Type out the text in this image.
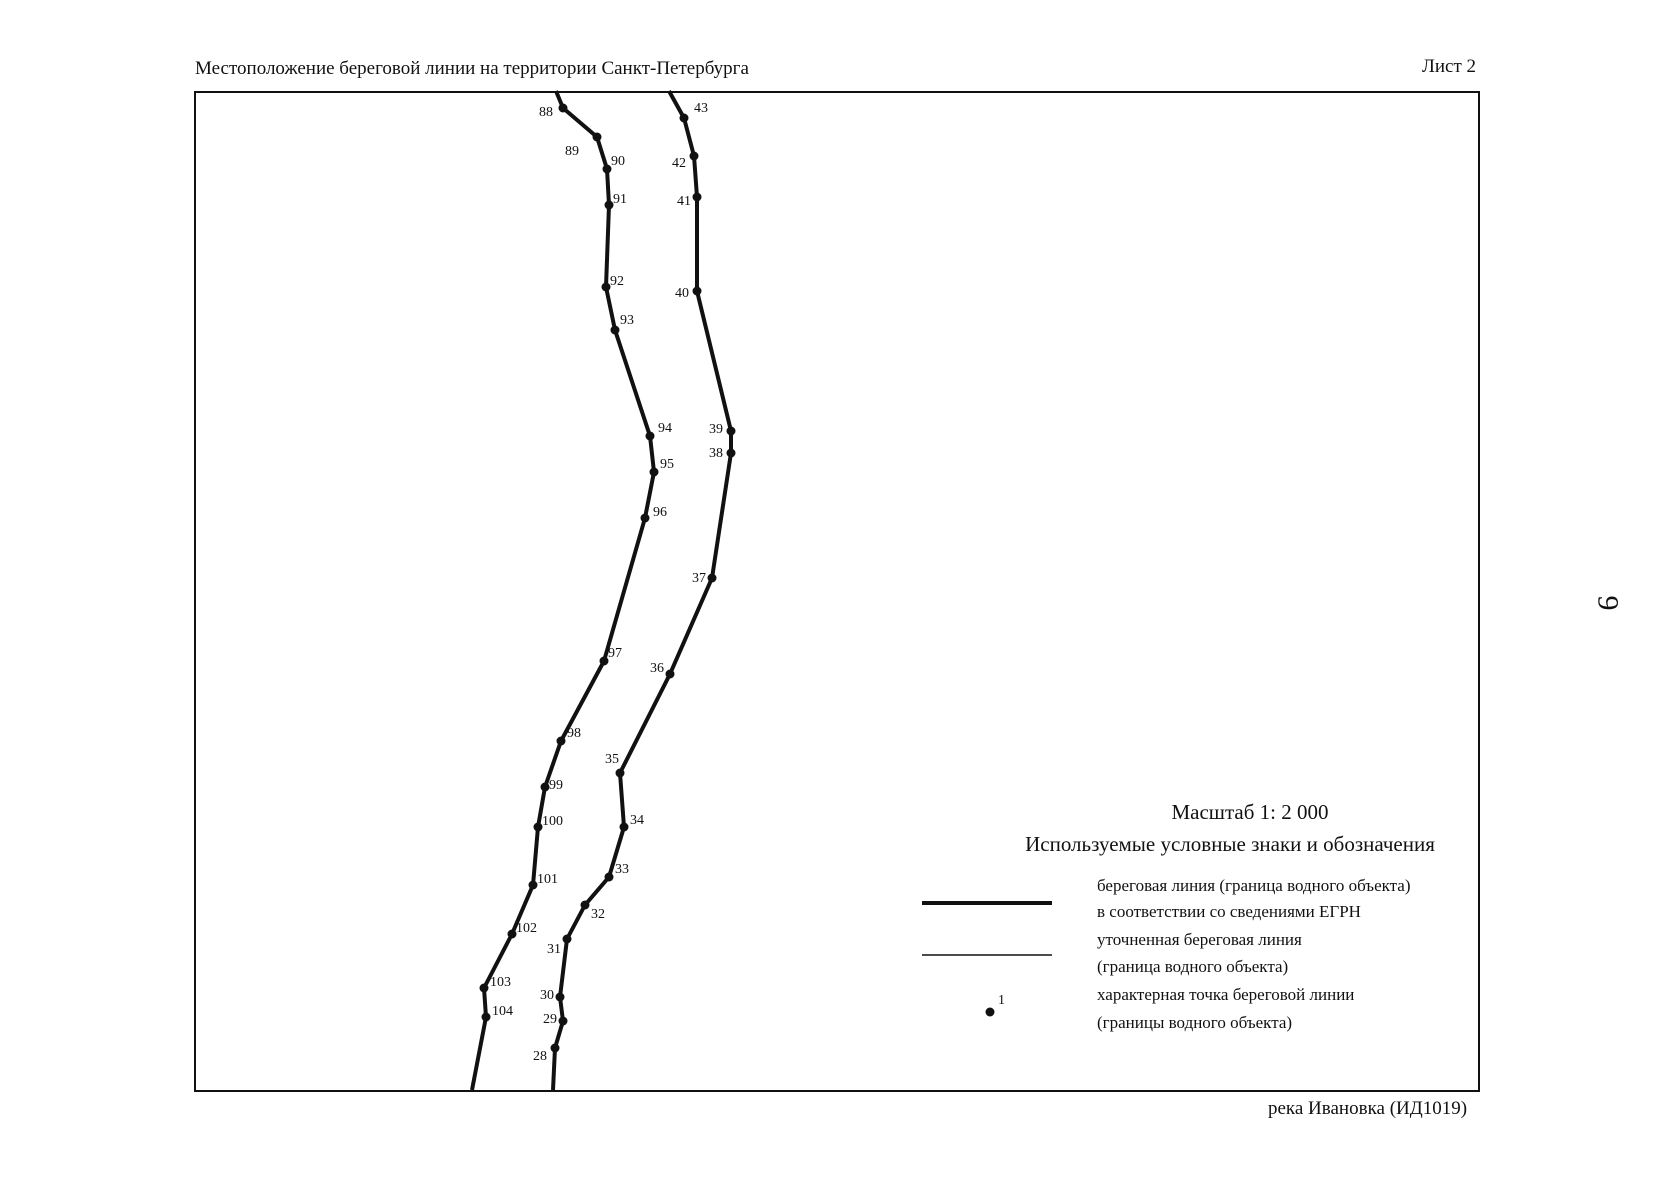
Местоположение береговой линии на территории Санкт-Петербурга	Лист 2
88
89
90
91
92
93
94
95
96
97
98
99
100
101
102
103
104
43
42
41
40
39
38
37
36
35
34
33
32
31
30
29
28
1
Масштаб 1: 2 000
Используемые условные знаки и обозначения
береговая линия (граница водного объекта)
в соответствии со сведениями ЕГРН
уточненная береговая линия
(граница водного объекта)
характерная точка береговой линии
(границы водного объекта)
река Ивановка (ИД1019)
9
